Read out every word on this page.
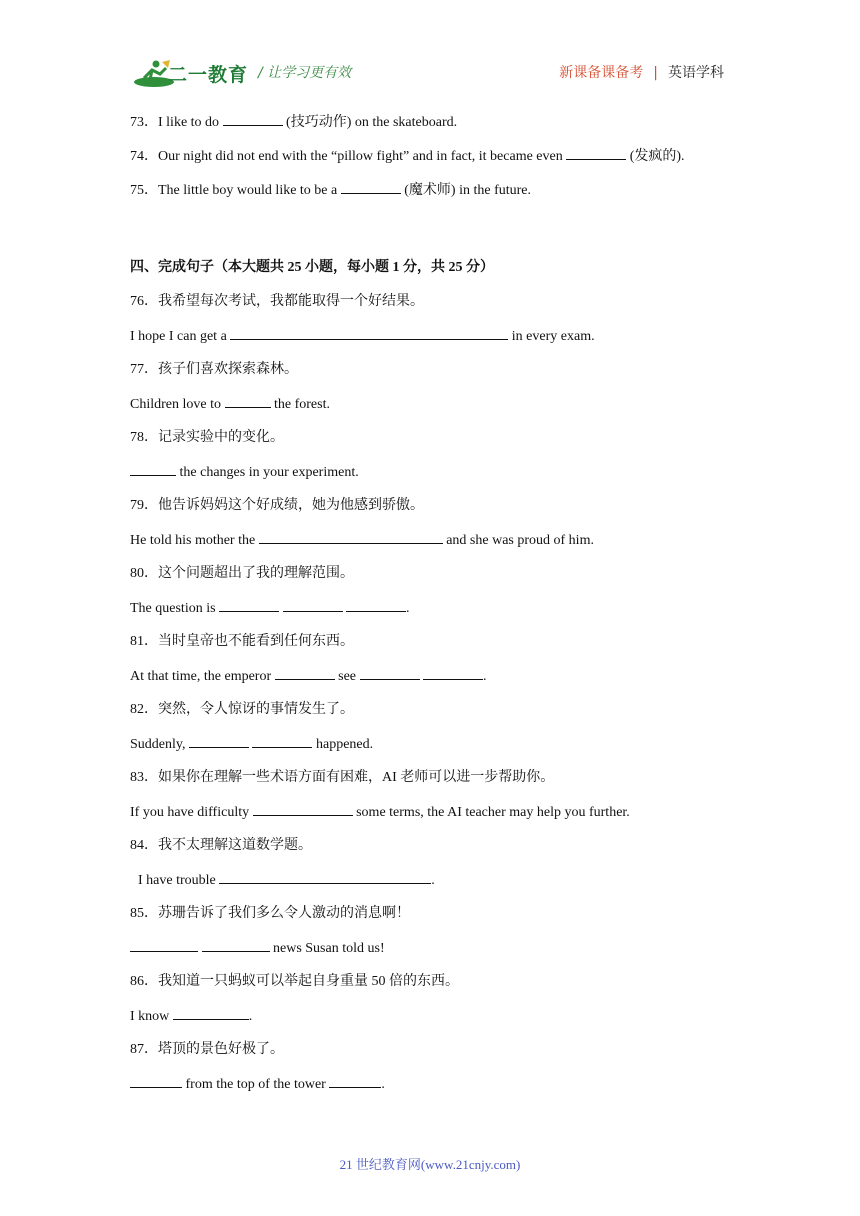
二一教育 / 让学习更有效	新课备课备考 | 英语学科
73．I like to do	(技巧动作) on the skateboard.
74．Our night did not end with the “pillow fight” and in fact, it became even	(发疯的).
75．The little boy would like to be a	(魔术师) in the future.
四、完成句子（本大题共 25 小题，每小题 1 分，共 25 分）
76．我希望每次考试，我都能取得一个好结果。
I hope I can get a	in every exam.
77．孩子们喜欢探索森林。
Children love to	the forest.
78．记录实验中的变化。
the changes in your experiment.
79．他告诉妈妈这个好成绩，她为他感到骄傲。
He told his mother the	and she was proud of him.
80．这个问题超出了我的理解范围。
The question is	.
81．当时皇帝也不能看到任何东西。
At that time, the emperor	see	.
82．突然，令人惊讶的事情发生了。
Suddenly,	happened.
83．如果你在理解一些术语方面有困难，AI 老师可以进一步帮助你。
If you have difficulty	some terms, the AI teacher may help you further.
84．我不太理解这道数学题。
I have trouble	.
85．苏珊告诉了我们多么令人激动的消息啊！
news Susan told us!
86．我知道一只蚂蚁可以举起自身重量 50 倍的东西。
I know	.
87．塔顶的景色好极了。
from the top of the tower	.
21 世纪教育网(www.21cnjy.com)
